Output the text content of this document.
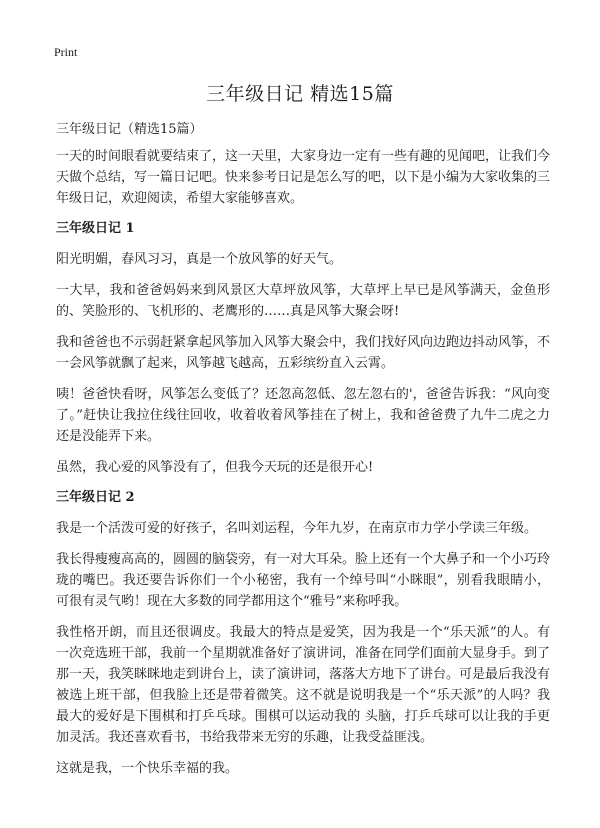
Print
三年级日记 精选15篇
三年级日记（精选15篇）

一天的时间眼看就要结束了，这一天里，大家身边一定有一些有趣的见闻吧，让我们今天做个总结，写一篇日记吧。快来参考日记是怎么写的吧，以下是小编为大家收集的三年级日记，欢迎阅读，希望大家能够喜欢。

三年级日记 1

阳光明媚，春风习习，真是一个放风筝的好天气。

一大早，我和爸爸妈妈来到风景区大草坪放风筝，大草坪上早已是风筝满天，金鱼形的、笑脸形的、飞机形的、老鹰形的……真是风筝大聚会呀!

我和爸爸也不示弱赶紧拿起风筝加入风筝大聚会中，我们找好风向边跑边抖动风筝，不一会风筝就飘了起来，风筝越飞越高，五彩缤纷直入云霄。

咦！爸爸快看呀，风筝怎么变低了？还忽高忽低、忽左忽右的'，爸爸告诉我：“风向变了。”赶快让我拉住线往回收，收着收着风筝挂在了树上，我和爸爸费了九牛二虎之力还是没能弄下来。

虽然，我心爱的风筝没有了，但我今天玩的还是很开心!

三年级日记 2

我是一个活泼可爱的好孩子，名叫刘运程，今年九岁，在南京市力学小学读三年级。

我长得瘦瘦高高的，圆圆的脑袋旁，有一对大耳朵。脸上还有一个大鼻子和一个小巧玲珑的嘴巴。我还要告诉你们一个小秘密，我有一个绰号叫“小眯眼”，别看我眼睛小，可很有灵气哟！现在大多数的同学都用这个“雅号”来称呼我。

我性格开朗，而且还很调皮。我最大的特点是爱笑，因为我是一个“乐天派”的人。有一次竞选班干部，我前一个星期就准备好了演讲词，准备在同学们面前大显身手。到了那一天，我笑眯眯地走到讲台上，读了演讲词，落落大方地下了讲台。可是最后我没有被选上班干部，但我脸上还是带着微笑。这不就是说明我是一个“乐天派”的人吗？我最大的爱好是下围棋和打乒乓球。围棋可以运动我的 头脑，打乒乓球可以让我的手更加灵活。我还喜欢看书，书给我带来无穷的乐趣，让我受益匪浅。

这就是我，一个快乐幸福的我。
